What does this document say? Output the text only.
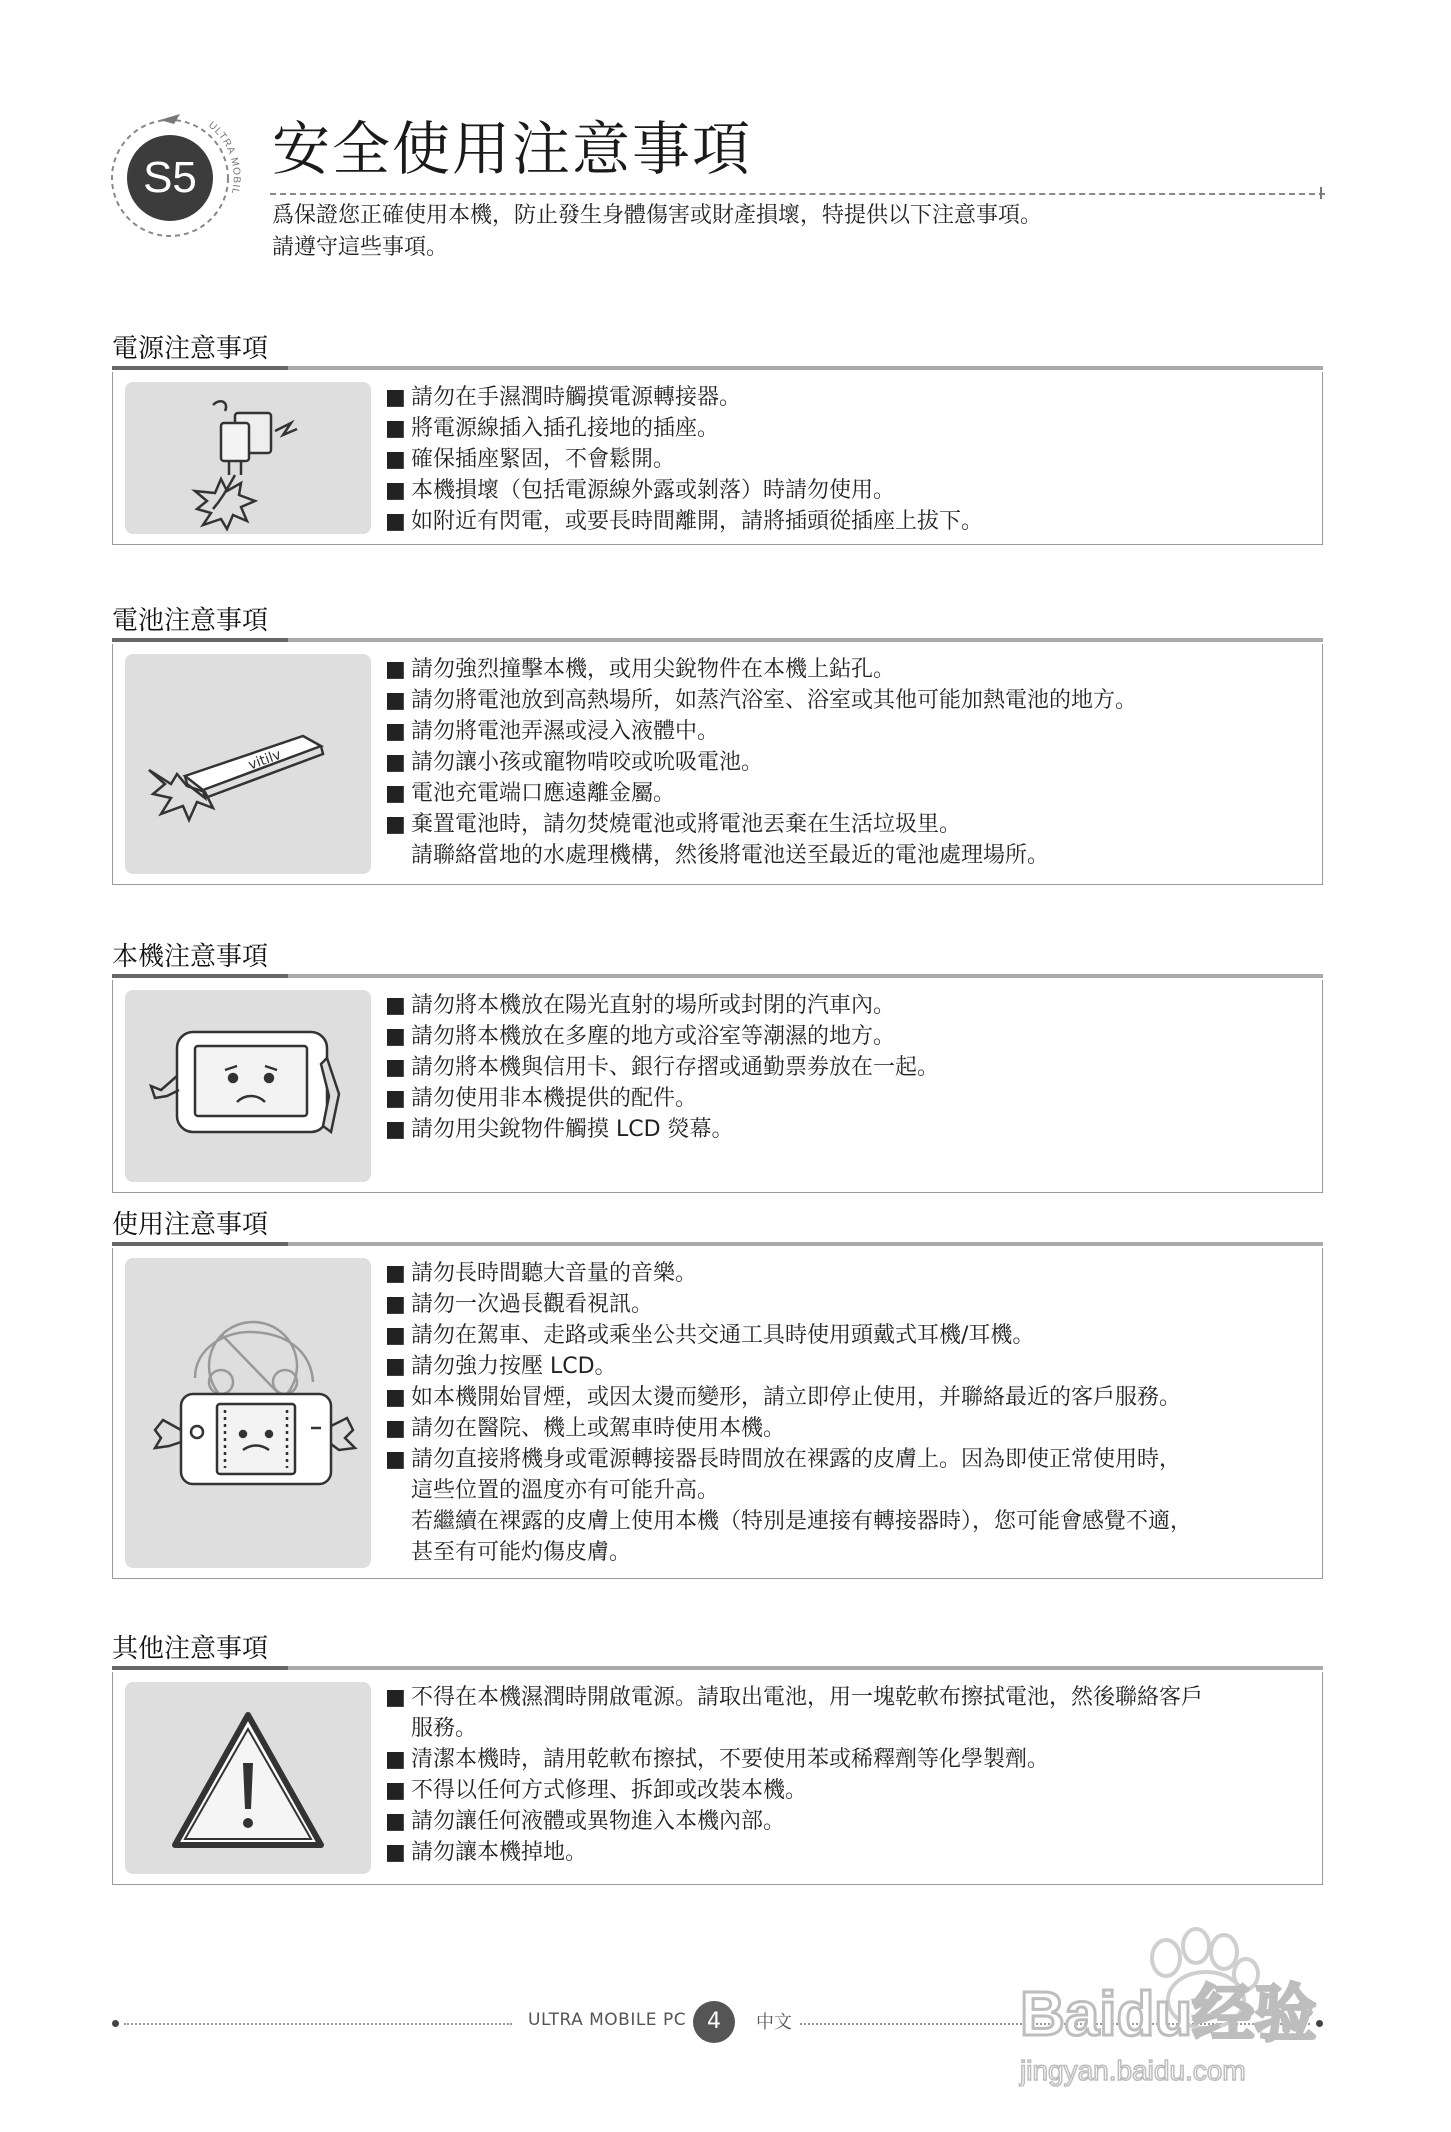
S5
ULTRA MOBIL
安全使用注意事項
爲保證您正確使用本機，防止發生身體傷害或財產損壞，特提供以下注意事項。
請遵守這些事項。
電源注意事項
■ 請勿在手濕潤時觸摸電源轉接器。
■ 將電源線插入插孔接地的插座。
■ 確保插座緊固，不會鬆開。
■ 本機損壞（包括電源線外露或剝落）時請勿使用。
■ 如附近有閃電，或要長時間離開，請將插頭從插座上拔下。
電池注意事項
vitilv
■ 請勿強烈撞擊本機，或用尖銳物件在本機上鉆孔。
■ 請勿將電池放到高熱場所，如蒸汽浴室、浴室或其他可能加熱電池的地方。
■ 請勿將電池弄濕或浸入液體中。
■ 請勿讓小孩或寵物啃咬或吮吸電池。
■ 電池充電端口應遠離金屬。
■ 棄置電池時，請勿焚燒電池或將電池丟棄在生活垃圾里。
請聯絡當地的水處理機構，然後將電池送至最近的電池處理場所。
本機注意事項
■ 請勿將本機放在陽光直射的場所或封閉的汽車內。
■ 請勿將本機放在多塵的地方或浴室等潮濕的地方。
■ 請勿將本機與信用卡、銀行存摺或通勤票劵放在一起。
■ 請勿使用非本機提供的配件。
■ 請勿用尖銳物件觸摸 LCD 熒幕。
使用注意事項
■ 請勿長時間聽大音量的音樂。
■ 請勿一次過長觀看視訊。
■ 請勿在駕車、走路或乘坐公共交通工具時使用頭戴式耳機/耳機。
■ 請勿強力按壓 LCD。
■ 如本機開始冒煙，或因太燙而變形，請立即停止使用，并聯絡最近的客戶服務。
■ 請勿在醫院、機上或駕車時使用本機。
■ 請勿直接將機身或電源轉接器長時間放在裸露的皮膚上。因為即使正常使用時，
這些位置的溫度亦有可能升高。
若繼續在裸露的皮膚上使用本機（特別是連接有轉接器時），您可能會感覺不適，
甚至有可能灼傷皮膚。
其他注意事項
■ 不得在本機濕潤時開啟電源。請取出電池，用一塊乾軟布擦拭電池，然後聯絡客戶
服務。
■ 清潔本機時，請用乾軟布擦拭，不要使用苯或稀釋劑等化學製劑。
■ 不得以任何方式修理、拆卸或改裝本機。
■ 請勿讓任何液體或異物進入本機內部。
■ 請勿讓本機掉地。
ULTRA MOBILE PC 4	中文	Baidu经验
jingyan.baidu.com
